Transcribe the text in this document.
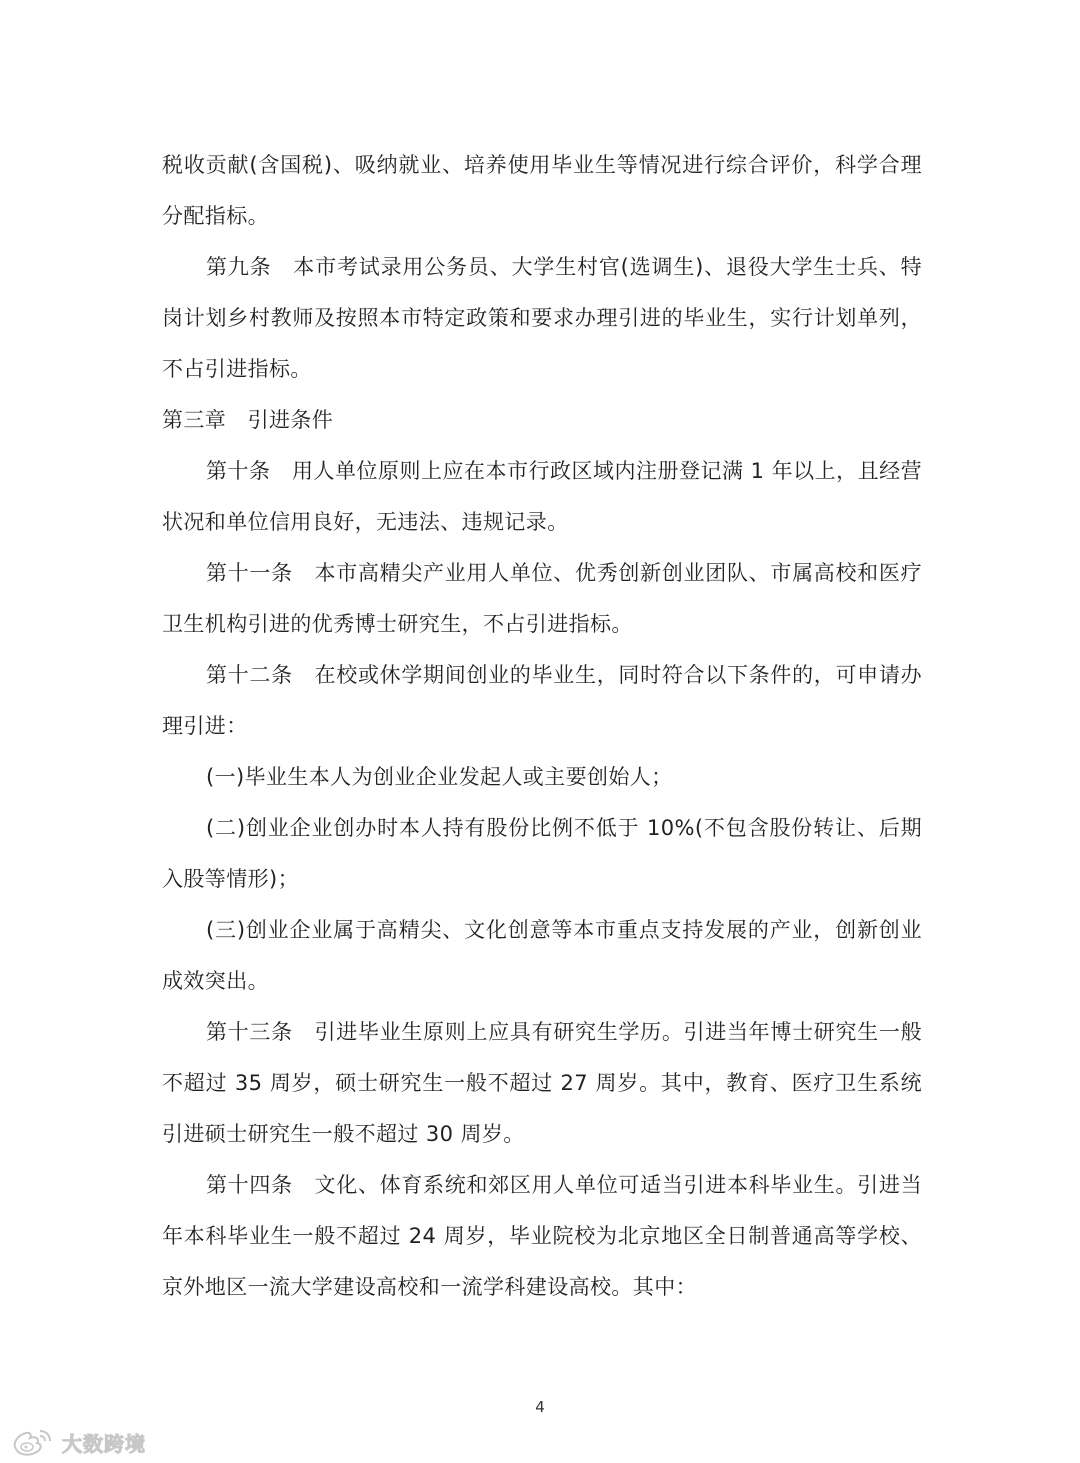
税收贡献(含国税)、吸纳就业、培养使用毕业生等情况进行综合评价，科学合理分配指标。

第九条　本市考试录用公务员、大学生村官(选调生)、退役大学生士兵、特岗计划乡村教师及按照本市特定政策和要求办理引进的毕业生，实行计划单列，不占引进指标。

第三章　引进条件

第十条　用人单位原则上应在本市行政区域内注册登记满 1 年以上，且经营状况和单位信用良好，无违法、违规记录。

第十一条　本市高精尖产业用人单位、优秀创新创业团队、市属高校和医疗卫生机构引进的优秀博士研究生，不占引进指标。

第十二条　在校或休学期间创业的毕业生，同时符合以下条件的，可申请办理引进：

(一)毕业生本人为创业企业发起人或主要创始人；

(二)创业企业创办时本人持有股份比例不低于 10%(不包含股份转让、后期入股等情形)；

(三)创业企业属于高精尖、文化创意等本市重点支持发展的产业，创新创业成效突出。

第十三条　引进毕业生原则上应具有研究生学历。引进当年博士研究生一般不超过 35 周岁，硕士研究生一般不超过 27 周岁。其中，教育、医疗卫生系统引进硕士研究生一般不超过 30 周岁。

第十四条　文化、体育系统和郊区用人单位可适当引进本科毕业生。引进当年本科毕业生一般不超过 24 周岁，毕业院校为北京地区全日制普通高等学校、京外地区一流大学建设高校和一流学科建设高校。其中：

4
大数跨境
